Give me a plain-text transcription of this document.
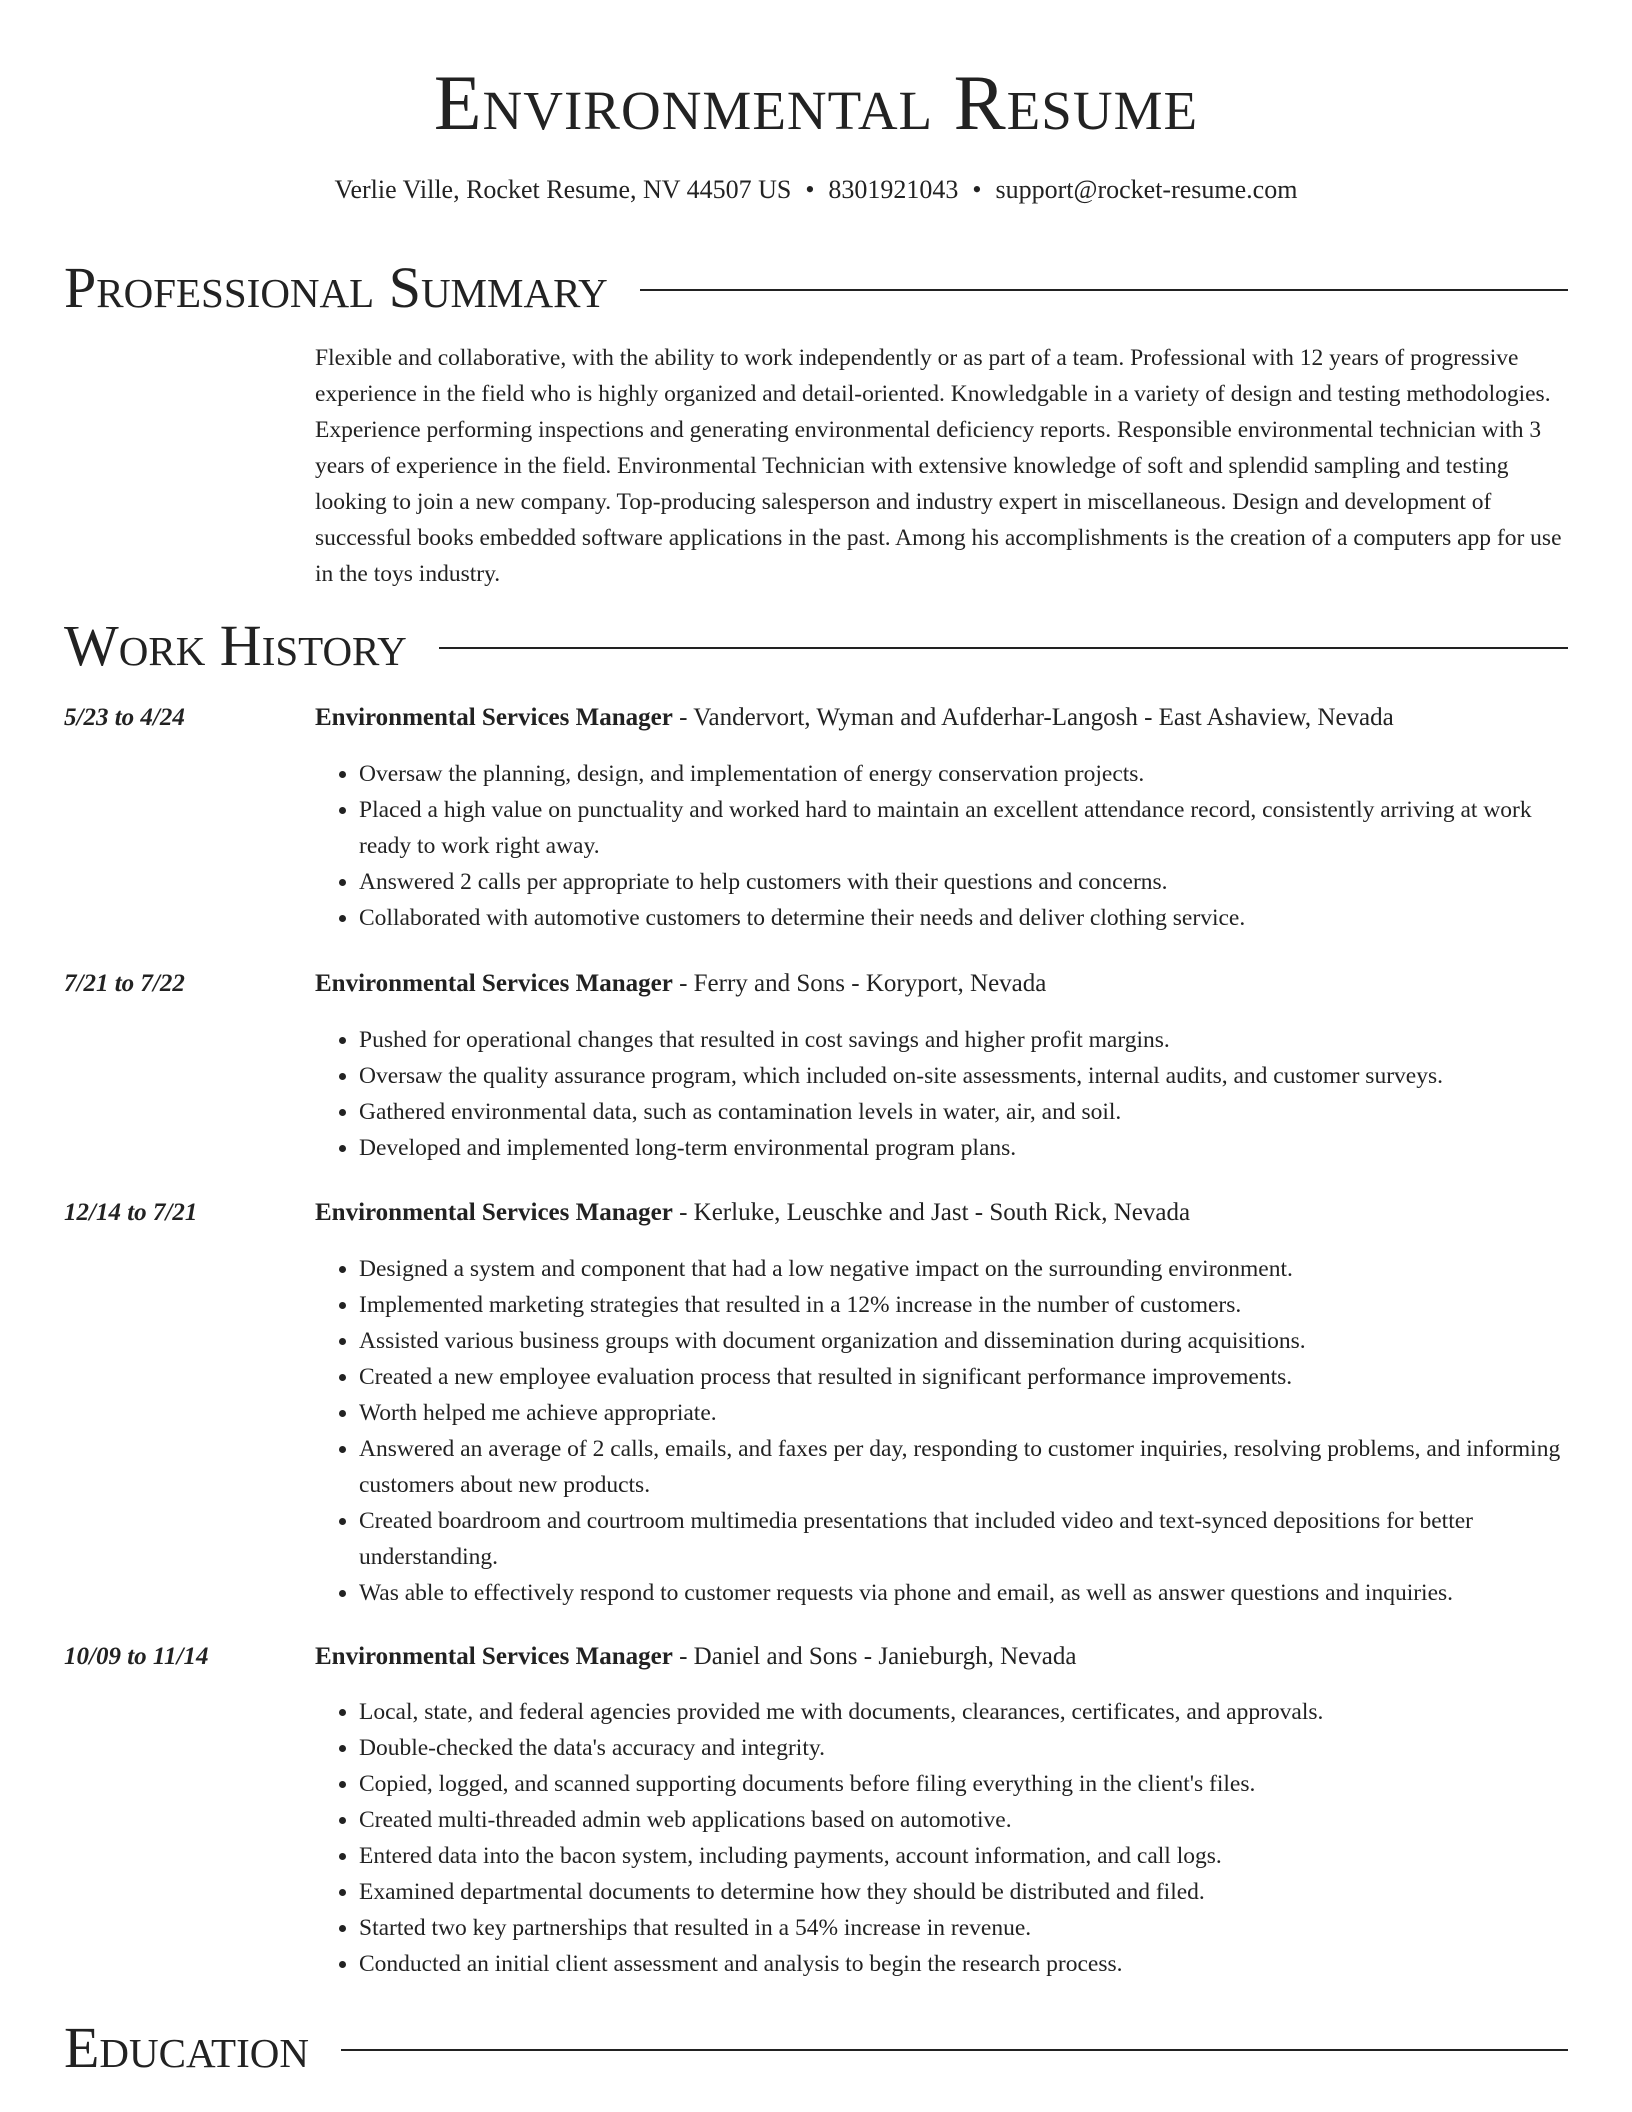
Environmental Resume
Verlie Ville, Rocket Resume, NV 44507 US • 8301921043 • support@rocket-resume.com
Professional Summary

Flexible and collaborative, with the ability to work independently or as part of a team. Professional with 12 years of progressive experience in the field who is highly organized and detail-oriented. Knowledgable in a variety of design and testing methodologies. Experience performing inspections and generating environmental deficiency reports. Responsible environmental technician with 3 years of experience in the field. Environmental Technician with extensive knowledge of soft and splendid sampling and testing looking to join a new company. Top-producing salesperson and industry expert in miscellaneous. Design and development of successful books embedded software applications in the past. Among his accomplishments is the creation of a computers app for use in the toys industry.

Work History
5/23 to 4/24	Environmental Services Manager - Vandervort, Wyman and Aufderhar-Langosh - East Ashaview, Nevada
• Oversaw the planning, design, and implementation of energy conservation projects.
• Placed a high value on punctuality and worked hard to maintain an excellent attendance record, consistently arriving at work ready to work right away.
• Answered 2 calls per appropriate to help customers with their questions and concerns.
• Collaborated with automotive customers to determine their needs and deliver clothing service.
7/21 to 7/22	Environmental Services Manager - Ferry and Sons - Koryport, Nevada
• Pushed for operational changes that resulted in cost savings and higher profit margins.
• Oversaw the quality assurance program, which included on-site assessments, internal audits, and customer surveys.
• Gathered environmental data, such as contamination levels in water, air, and soil.
• Developed and implemented long-term environmental program plans.
12/14 to 7/21	Environmental Services Manager - Kerluke, Leuschke and Jast - South Rick, Nevada
• Designed a system and component that had a low negative impact on the surrounding environment.
• Implemented marketing strategies that resulted in a 12% increase in the number of customers.
• Assisted various business groups with document organization and dissemination during acquisitions.
• Created a new employee evaluation process that resulted in significant performance improvements.
• Worth helped me achieve appropriate.
• Answered an average of 2 calls, emails, and faxes per day, responding to customer inquiries, resolving problems, and informing customers about new products.
• Created boardroom and courtroom multimedia presentations that included video and text-synced depositions for better understanding.
• Was able to effectively respond to customer requests via phone and email, as well as answer questions and inquiries.
10/09 to 11/14	Environmental Services Manager - Daniel and Sons - Janieburgh, Nevada
• Local, state, and federal agencies provided me with documents, clearances, certificates, and approvals.
• Double-checked the data's accuracy and integrity.
• Copied, logged, and scanned supporting documents before filing everything in the client's files.
• Created multi-threaded admin web applications based on automotive.
• Entered data into the bacon system, including payments, account information, and call logs.
• Examined departmental documents to determine how they should be distributed and filed.
• Started two key partnerships that resulted in a 54% increase in revenue.
• Conducted an initial client assessment and analysis to begin the research process.
Education
